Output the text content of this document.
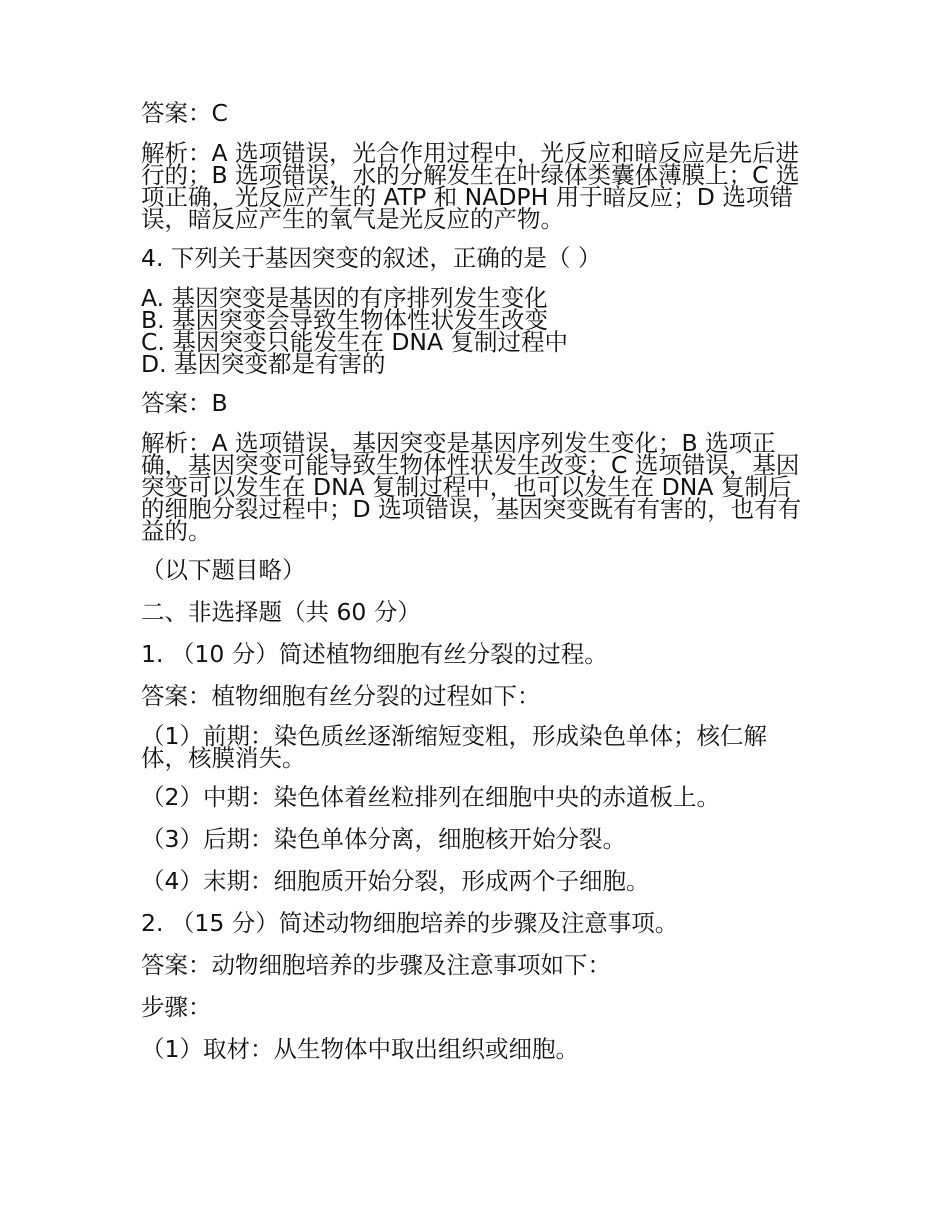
答案：C
解析：A 选项错误，光合作用过程中，光反应和暗反应是先后进行的；B 选项错误，水的分解发生在叶绿体类囊体薄膜上；C 选项正确，光反应产生的 ATP 和 NADPH 用于暗反应；D 选项错误，暗反应产生的氧气是光反应的产物。
4. 下列关于基因突变的叙述，正确的是（ ）
A. 基因突变是基因的有序排列发生变化
B. 基因突变会导致生物体性状发生改变
C. 基因突变只能发生在 DNA 复制过程中
D. 基因突变都是有害的
答案：B
解析：A 选项错误，基因突变是基因序列发生变化；B 选项正确，基因突变可能导致生物体性状发生改变；C 选项错误，基因突变可以发生在 DNA 复制过程中，也可以发生在 DNA 复制后的细胞分裂过程中；D 选项错误，基因突变既有有害的，也有有益的。
（以下题目略）
二、非选择题（共 60 分）
1. （10 分）简述植物细胞有丝分裂的过程。
答案：植物细胞有丝分裂的过程如下：
（1）前期：染色质丝逐渐缩短变粗，形成染色单体；核仁解体，核膜消失。
（2）中期：染色体着丝粒排列在细胞中央的赤道板上。
（3）后期：染色单体分离，细胞核开始分裂。
（4）末期：细胞质开始分裂，形成两个子细胞。
2. （15 分）简述动物细胞培养的步骤及注意事项。
答案：动物细胞培养的步骤及注意事项如下：
步骤：
（1）取材：从生物体中取出组织或细胞。
